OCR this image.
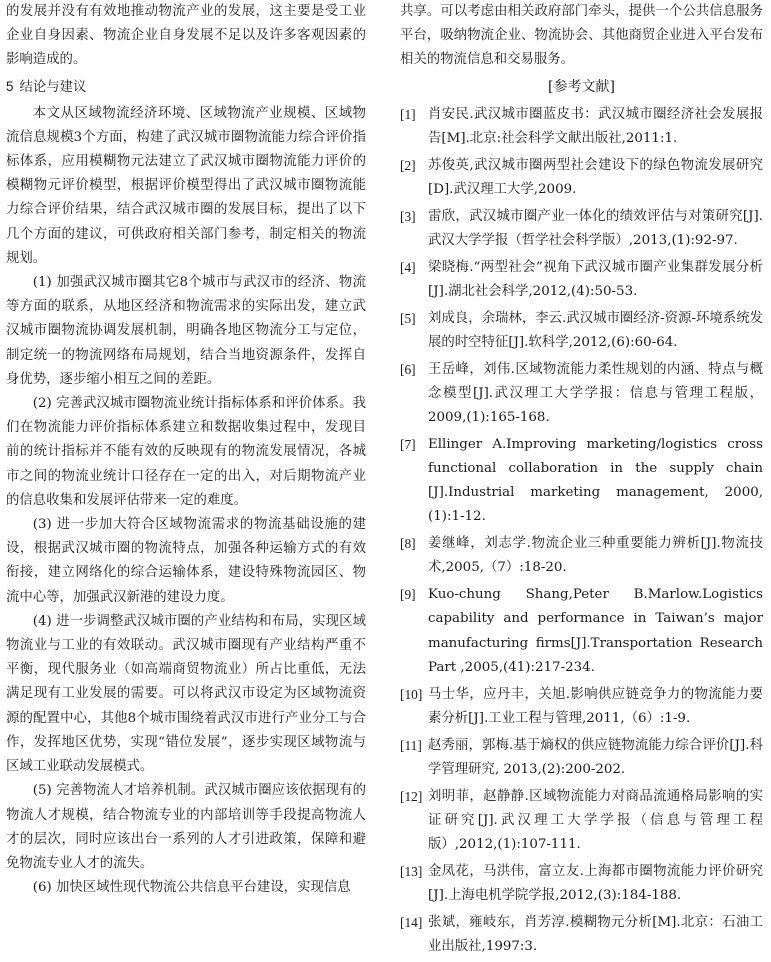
的发展并没有有效地推动物流产业的发展，这主要是受工业企业自身因素、物流企业自身发展不足以及许多客观因素的影响造成的。

5 结论与建议

本文从区域物流经济环境、区域物流产业规模、区域物流信息规模3个方面，构建了武汉城市圈物流能力综合评价指标体系，应用模糊物元法建立了武汉城市圈物流能力评价的模糊物元评价模型，根据评价模型得出了武汉城市圈物流能力综合评价结果，结合武汉城市圈的发展目标，提出了以下几个方面的建议，可供政府相关部门参考，制定相关的物流规划。

(1) 加强武汉城市圈其它8个城市与武汉市的经济、物流等方面的联系，从地区经济和物流需求的实际出发，建立武汉城市圈物流协调发展机制，明确各地区物流分工与定位，制定统一的物流网络布局规划，结合当地资源条件，发挥自身优势，逐步缩小相互之间的差距。

(2) 完善武汉城市圈物流业统计指标体系和评价体系。我们在物流能力评价指标体系建立和数据收集过程中，发现目前的统计指标并不能有效的反映现有的物流发展情况，各城市之间的物流业统计口径存在一定的出入，对后期物流产业的信息收集和发展评估带来一定的难度。

(3) 进一步加大符合区域物流需求的物流基础设施的建设，根据武汉城市圈的物流特点，加强各种运输方式的有效衔接，建立网络化的综合运输体系，建设特殊物流园区、物流中心等，加强武汉新港的建设力度。

(4) 进一步调整武汉城市圈的产业结构和布局，实现区域物流业与工业的有效联动。武汉城市圈现有产业结构严重不平衡，现代服务业（如高端商贸物流业）所占比重低，无法满足现有工业发展的需要。可以将武汉市设定为区域物流资源的配置中心，其他8个城市围绕着武汉市进行产业分工与合作，发挥地区优势，实现“错位发展”，逐步实现区域物流与区域工业联动发展模式。

(5) 完善物流人才培养机制。武汉城市圈应该依据现有的物流人才规模，结合物流专业的内部培训等手段提高物流人才的层次，同时应该出台一系列的人才引进政策，保障和避免物流专业人才的流失。

(6) 加快区域性现代物流公共信息平台建设，实现信息

共享。可以考虑由相关政府部门牵头，提供一个公共信息服务平台，吸纳物流企业、物流协会、其他商贸企业进入平台发布相关的物流信息和交易服务。

[参考文献]
[1] 肖安民.武汉城市圈蓝皮书：武汉城市圈经济社会发展报告[M].北京:社会科学文献出版社,2011:1.
[2] 苏俊英,武汉城市圈两型社会建设下的绿色物流发展研究[D].武汉理工大学,2009.
[3] 雷欣，武汉城市圈产业一体化的绩效评估与对策研究[J].武汉大学学报（哲学社会科学版）,2013,(1):92-97.
[4] 梁晓梅.“两型社会”视角下武汉城市圈产业集群发展分析[J].湖北社会科学,2012,(4):50-53.
[5] 刘成良，余瑞林，李云.武汉城市圈经济-资源-环境系统发展的时空特征[J].软科学,2012,(6):60-64.
[6] 王岳峰，刘伟.区域物流能力柔性规划的内涵、特点与概念模型[J].武汉理工大学学报：信息与管理工程版，2009,(1):165-168.
[7] Ellinger A.Improving marketing/logistics cross functional collaboration in the supply chain [J].Industrial marketing management, 2000, (1):1-12.
[8] 姜继峰，刘志学.物流企业三种重要能力辨析[J].物流技术,2005,（7）:18-20.
[9] Kuo-chung Shang,Peter B.Marlow.Logistics capability and performance in Taiwan’s major manufacturing firms[J].Transportation Research Part ,2005,(41):217-234.
[10] 马士华，应丹丰，关旭.影响供应链竞争力的物流能力要素分析[J].工业工程与管理,2011,（6）:1-9.
[11] 赵秀丽，郭梅.基于熵权的供应链物流能力综合评价[J].科学管理研究, 2013,(2):200-202.
[12] 刘明菲，赵静静.区域物流能力对商品流通格局影响的实证研究[J].武汉理工大学学报（信息与管理工程版）,2012,(1):107-111.
[13] 金凤花，马洪伟，富立友.上海都市圈物流能力评价研究[J].上海电机学院学报,2012,(3):184-188.
[14] 张斌，雍岐东，肖芳淳.模糊物元分析[M].北京：石油工业出版社,1997:3.
